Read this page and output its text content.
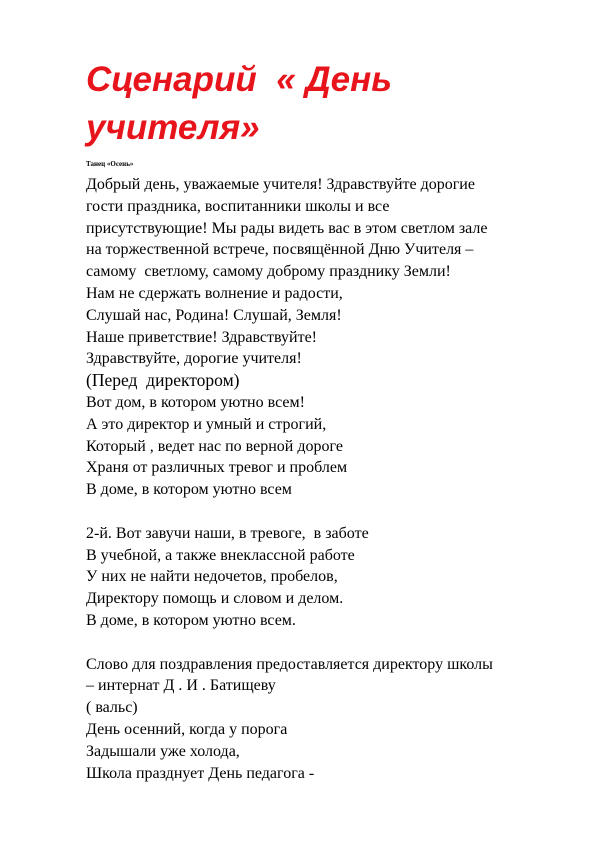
Сценарий  « День
учителя»
Танец «Осень»
Добрый день, уважаемые учителя! Здравствуйте дорогие
гости праздника, воспитанники школы и все
присутствующие! Мы рады видеть вас в этом светлом зале
на торжественной встрече, посвящённой Дню Учителя –
самому  светлому, самому доброму празднику Земли!
Нам не сдержать волнение и радости,
Слушай нас, Родина! Слушай, Земля!
Наше приветствие! Здравствуйте!
Здравствуйте, дорогие учителя!
(Перед  директором)
Вот дом, в котором уютно всем!
А это директор и умный и строгий,
Который , ведет нас по верной дороге
Храня от различных тревог и проблем
В доме, в котором уютно всем
2-й. Вот завучи наши, в тревоге,  в заботе
В учебной, а также внеклассной работе
У них не найти недочетов, пробелов,
Директору помощь и словом и делом.
В доме, в котором уютно всем.
Слово для поздравления предоставляется директору школы
– интернат Д . И . Батищеву
( вальс)
День осенний, когда у порога
Задышали уже холода,
Школа празднует День педагога -
